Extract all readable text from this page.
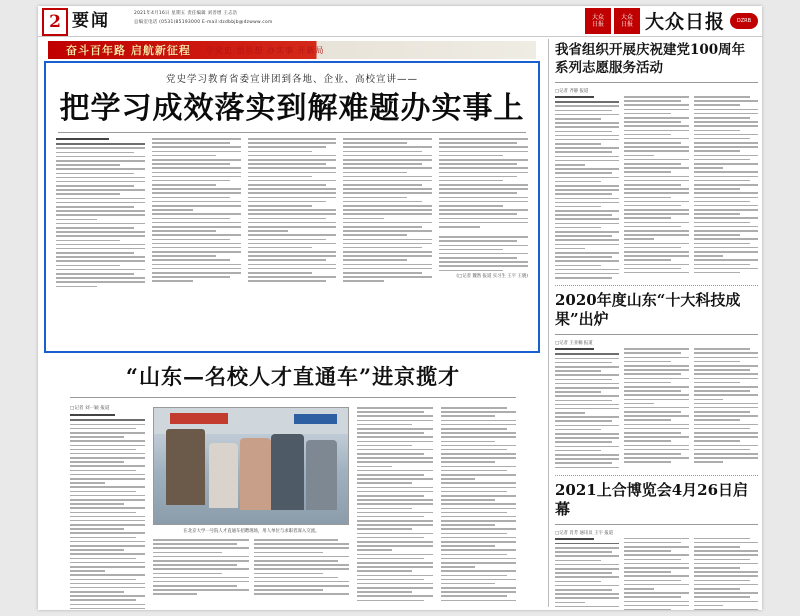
2 要闻	2021年4月16日 星期五 责任编辑 刘善增 王志浩
总编室电话 (0531)85193000 E-mail:dzdbbjb@dzwww.com
大众日报
大众日报 大众日报	DZRB
奋斗百年路 启航新征程	· 学党史 悟思想 办实事 开新局
党史学习教育省委宣讲团到各地、企业、高校宣讲——
把学习成效落实到解难题办实事上
(□记者 魏然 报道 实习生 王宇 王晓)
“山东—名校人才直通车”进京揽才
□记者 刘一颖 报道
在北京大学一号院人才直通车招聘现场，用人单位与求职者深入交流。
我省组织开展庆祝建党100周年系列志愿服务活动
□记者 齐静 报道
2020年度山东“十大科技成果”出炉
□记者 王亚楠 报道
2021上合博览会4月26日启幕
□记者 肖芳 通讯员 王宇 报道
